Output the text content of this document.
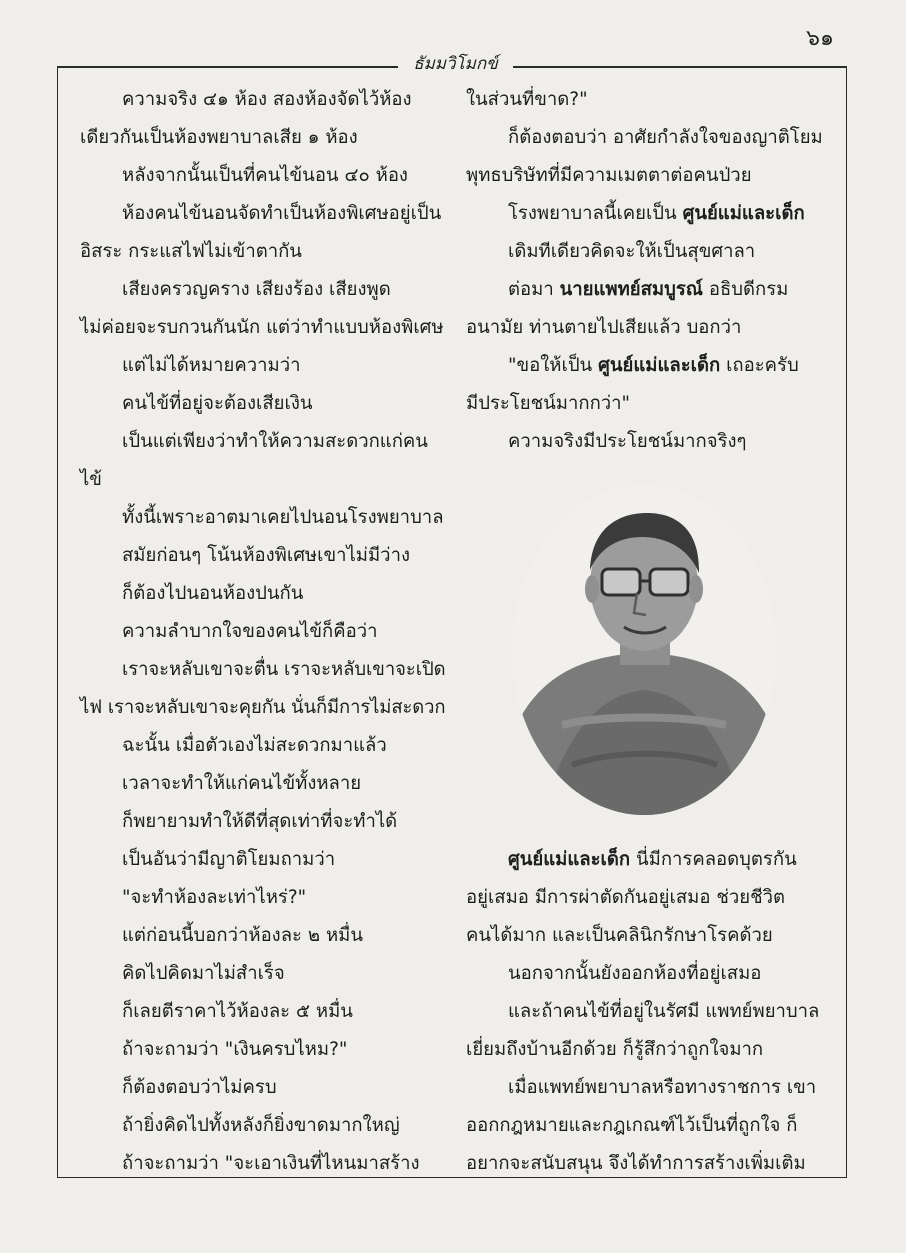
๖๑
ธัมมวิโมกข์
ความจริง ๔๑ ห้อง สองห้องจัดไว้ห้อง
เดียวกันเป็นห้องพยาบาลเสีย ๑ ห้อง
หลังจากนั้นเป็นที่คนไข้นอน ๔๐ ห้อง
ห้องคนไข้นอนจัดทำเป็นห้องพิเศษอยู่เป็น
อิสระ กระแสไฟไม่เข้าตากัน
เสียงครวญคราง เสียงร้อง เสียงพูด
ไม่ค่อยจะรบกวนกันนัก แต่ว่าทำแบบห้องพิเศษ
แต่ไม่ได้หมายความว่า
คนไข้ที่อยู่จะต้องเสียเงิน
เป็นแต่เพียงว่าทำให้ความสะดวกแก่คน
ไข้
ทั้งนี้เพราะอาตมาเคยไปนอนโรงพยาบาล
สมัยก่อนๆ โน้นห้องพิเศษเขาไม่มีว่าง
ก็ต้องไปนอนห้องปนกัน
ความลำบากใจของคนไข้ก็คือว่า
เราจะหลับเขาจะตื่น เราจะหลับเขาจะเปิด
ไฟ เราจะหลับเขาจะคุยกัน นั่นก็มีการไม่สะดวก
ฉะนั้น เมื่อตัวเองไม่สะดวกมาแล้ว
เวลาจะทำให้แก่คนไข้ทั้งหลาย
ก็พยายามทำให้ดีที่สุดเท่าที่จะทำได้
เป็นอันว่ามีญาติโยมถามว่า
"จะทำห้องละเท่าไหร่?"
แต่ก่อนนี้บอกว่าห้องละ ๒ หมื่น
คิดไปคิดมาไม่สำเร็จ
ก็เลยตีราคาไว้ห้องละ ๕ หมื่น
ถ้าจะถามว่า "เงินครบไหม?"
ก็ต้องตอบว่าไม่ครบ
ถ้ายิ่งคิดไปทั้งหลังก็ยิ่งขาดมากใหญ่
ถ้าจะถามว่า "จะเอาเงินที่ไหนมาสร้าง
ในส่วนที่ขาด?"
ก็ต้องตอบว่า อาศัยกำลังใจของญาติโยม
พุทธบริษัทที่มีความเมตตาต่อคนป่วย
โรงพยาบาลนี้เคยเป็น ศูนย์แม่และเด็ก
เดิมทีเดียวคิดจะให้เป็นสุขศาลา
ต่อมา นายแพทย์สมบูรณ์ อธิบดีกรม
อนามัย ท่านตายไปเสียแล้ว บอกว่า
"ขอให้เป็น ศูนย์แม่และเด็ก เถอะครับ
มีประโยชน์มากกว่า"
ความจริงมีประโยชน์มากจริงๆ
ศูนย์แม่และเด็ก นี่มีการคลอดบุตรกัน
อยู่เสมอ มีการผ่าตัดกันอยู่เสมอ ช่วยชีวิต
คนได้มาก และเป็นคลินิกรักษาโรคด้วย
นอกจากนั้นยังออกห้องที่อยู่เสมอ
และถ้าคนไข้ที่อยู่ในรัศมี แพทย์พยาบาล
เยี่ยมถึงบ้านอีกด้วย ก็รู้สึกว่าถูกใจมาก
เมื่อแพทย์พยาบาลหรือทางราชการ เขา
ออกกฎหมายและกฎเกณฑ์ไว้เป็นที่ถูกใจ ก็
อยากจะสนับสนุน จึงได้ทำการสร้างเพิ่มเติม
